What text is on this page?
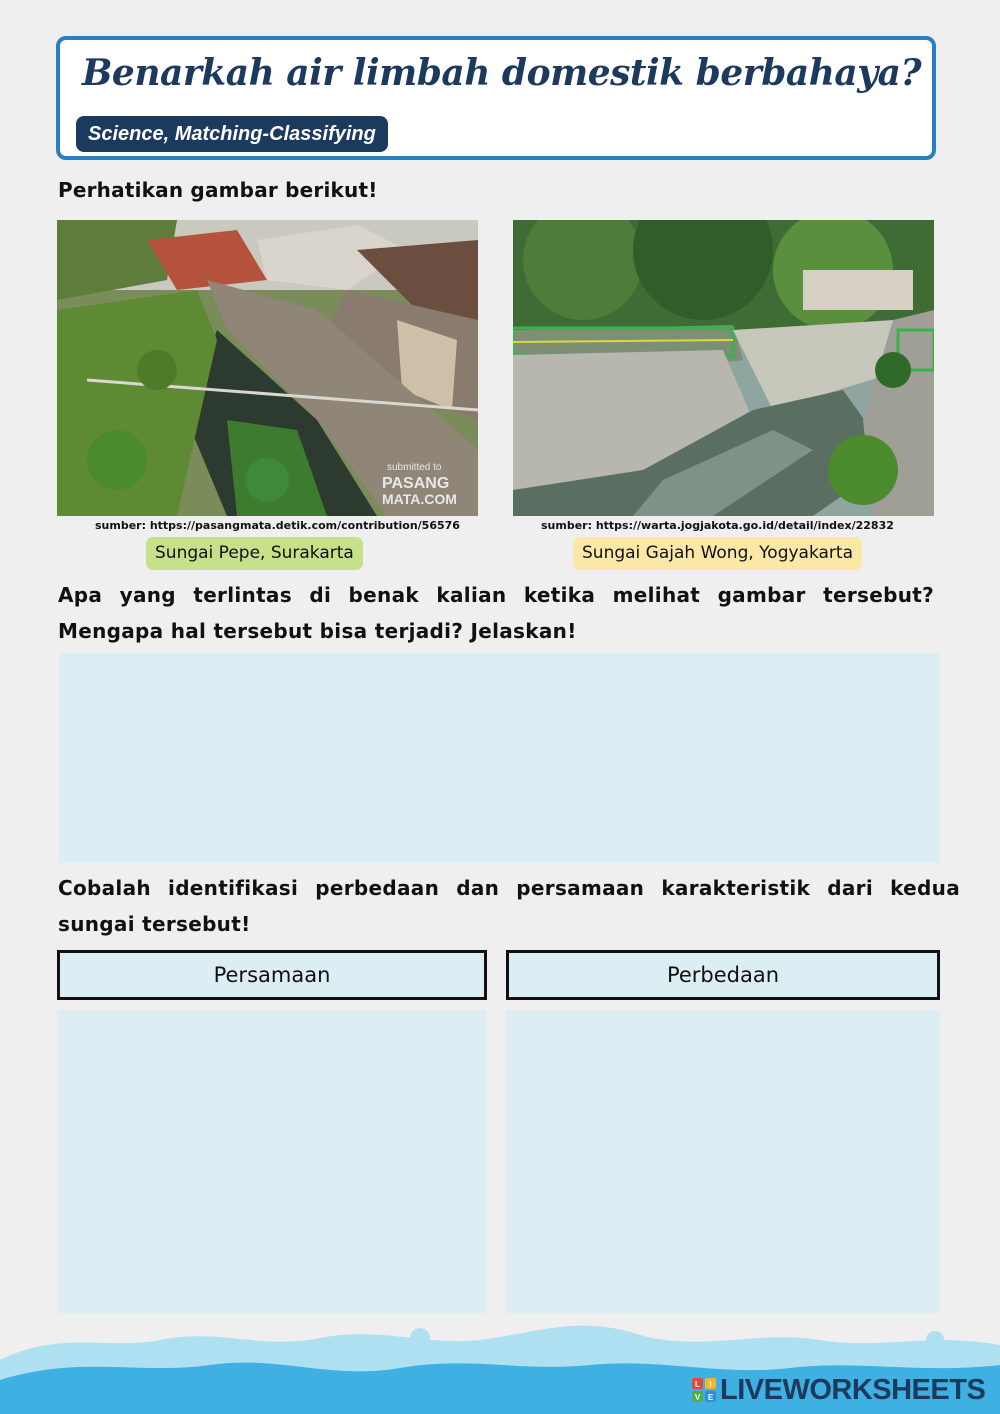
Benarkah air limbah domestik berbahaya?
Science, Matching-Classifying
Perhatikan gambar berikut!
submitted to
PASANG
MATA.COM
sumber: https://pasangmata.detik.com/contribution/56576	sumber: https://warta.jogjakota.go.id/detail/index/22832
Sungai Pepe, Surakarta	Sungai Gajah Wong, Yogyakarta
Apa yang terlintas di benak kalian ketika melihat gambar tersebut? Mengapa hal tersebut bisa terjadi? Jelaskan!
Cobalah identifikasi perbedaan dan persamaan karakteristik dari kedua sungai tersebut!
Persamaan	Perbedaan
L I
V E LIVEWORKSHEETS
